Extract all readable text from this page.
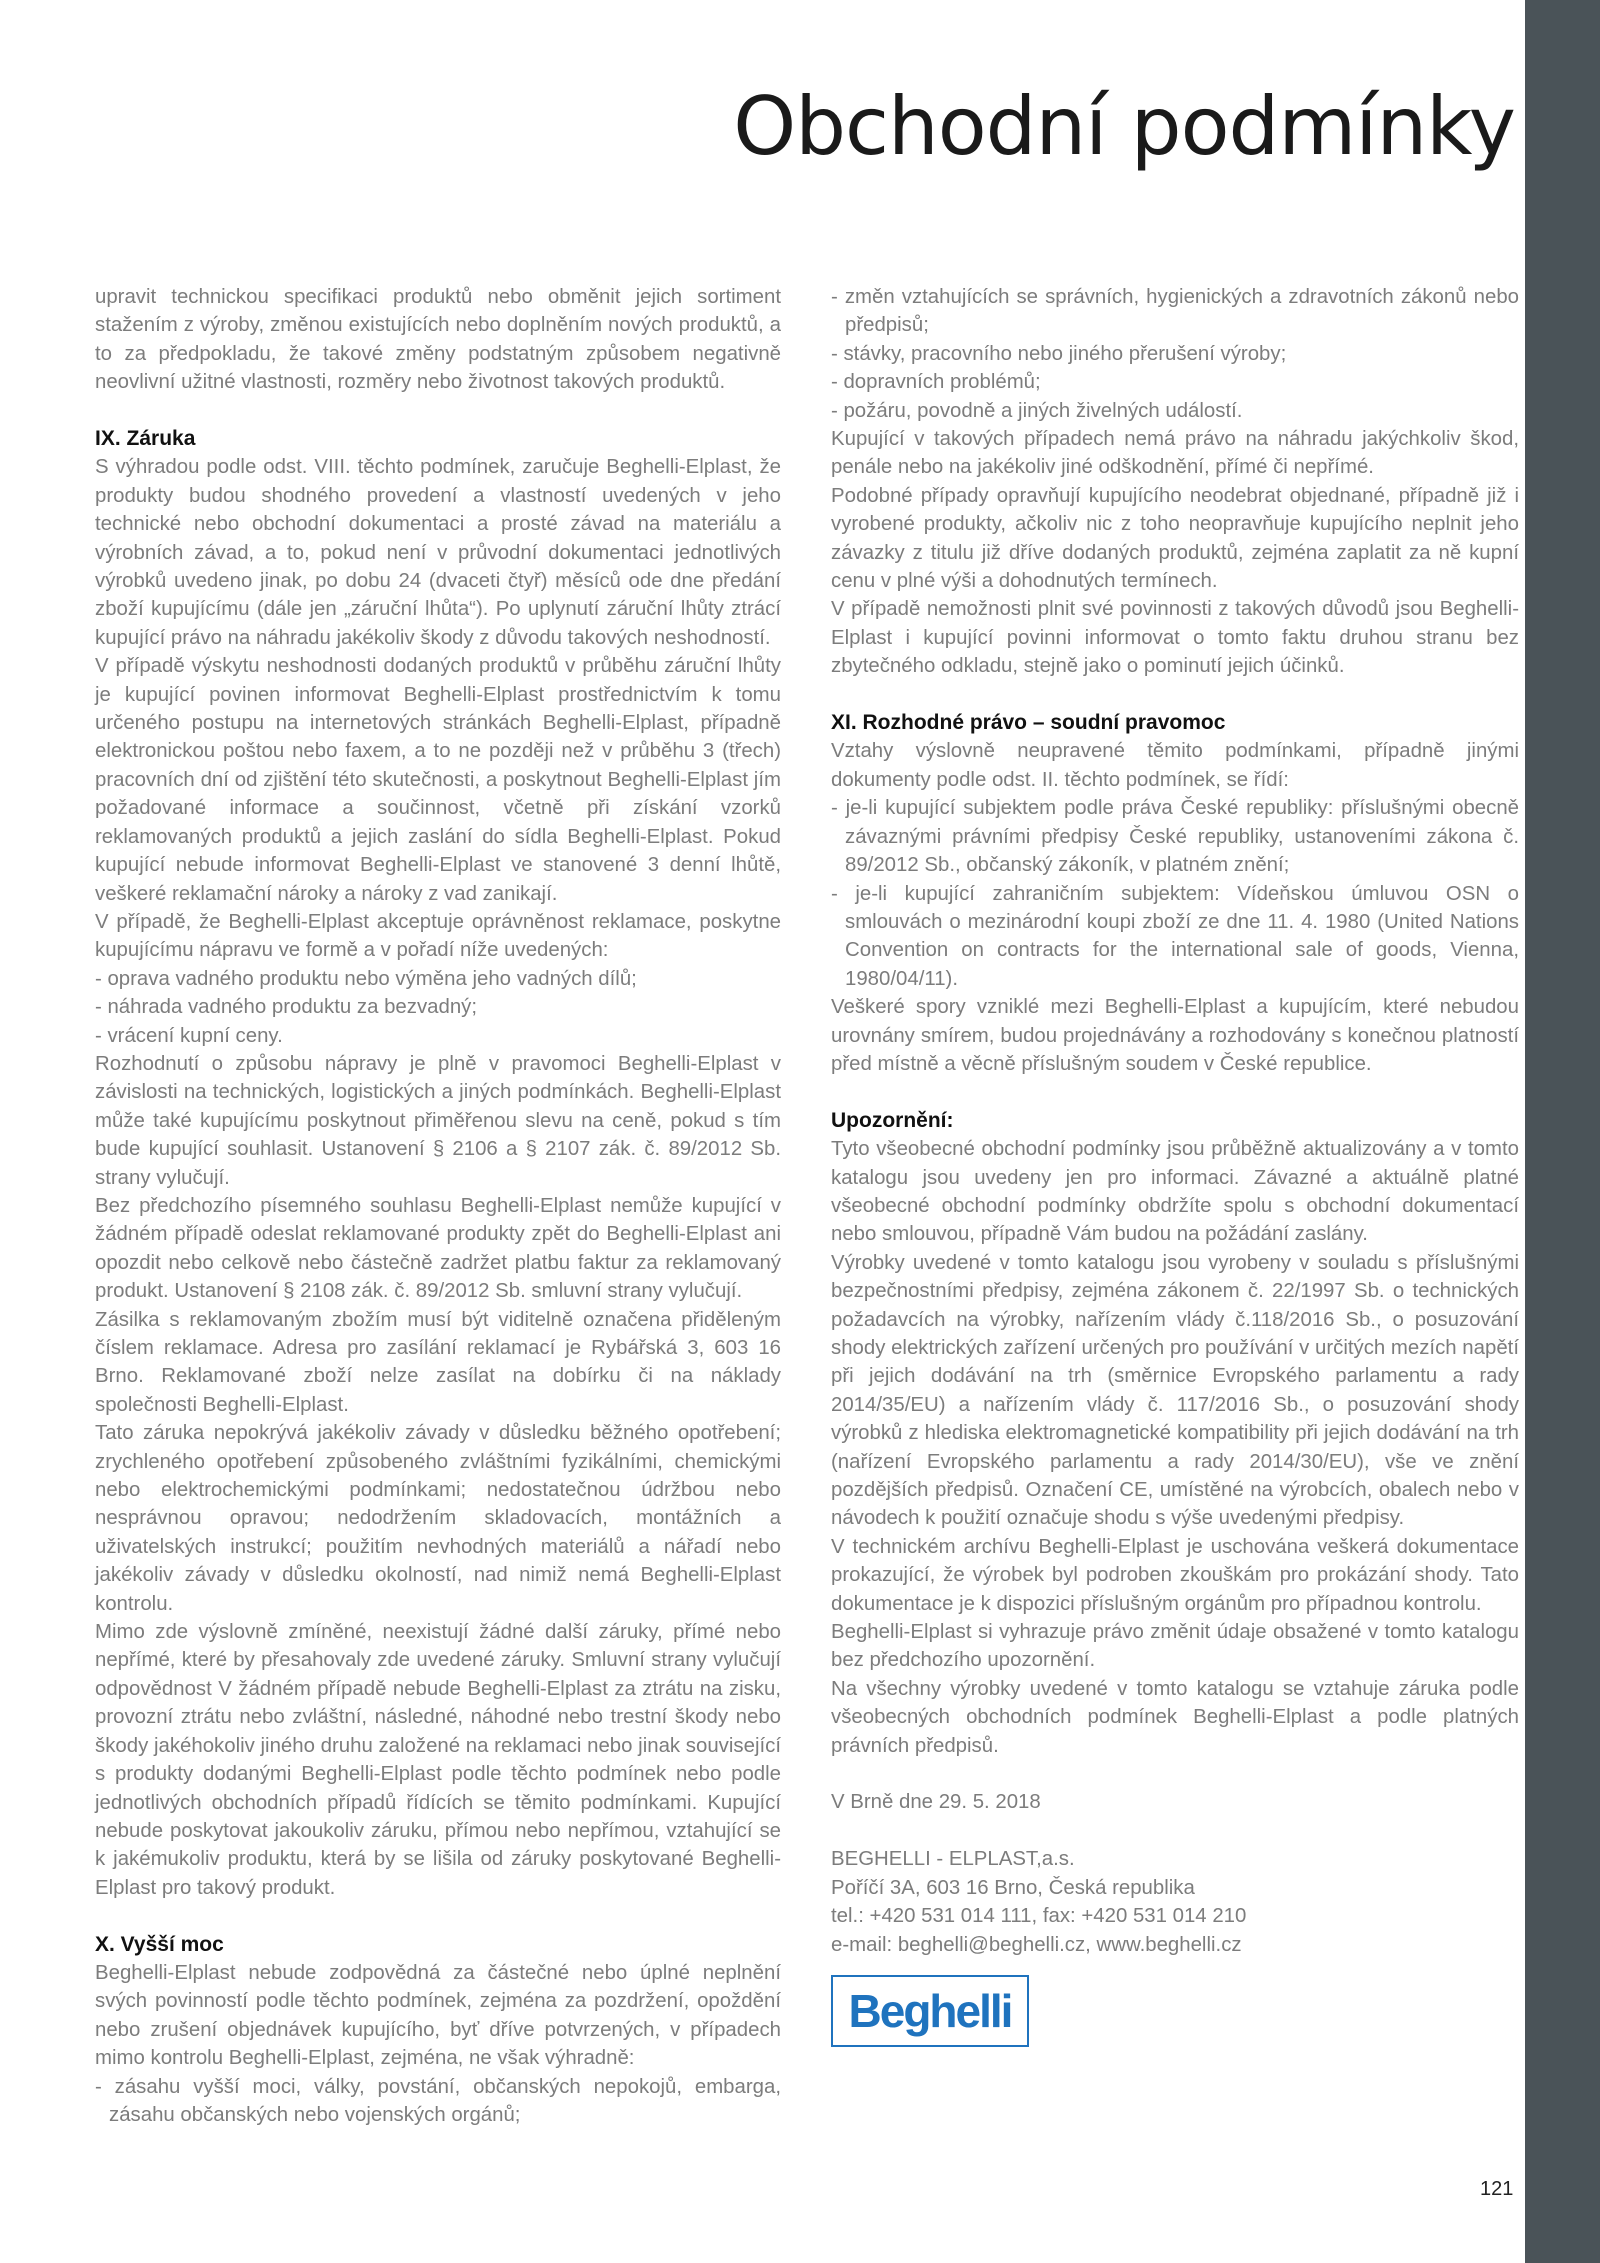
Obchodní podmínky

upravit technickou specifikaci produktů nebo obměnit jejich sortiment stažením z výroby, změnou existujících nebo doplněním nových produktů, a to za předpokladu, že takové změny podstatným způsobem negativně neovlivní užitné vlastnosti, rozměry nebo životnost takových produktů.

IX. Záruka

S výhradou podle odst. VIII. těchto podmínek, zaručuje Beghelli-Elplast, že produkty budou shodného provedení a vlastností uvedených v jeho technické nebo obchodní dokumentaci a prosté závad na materiálu a výrobních závad, a to, pokud není v průvodní dokumentaci jednotlivých výrobků uvedeno jinak, po dobu 24 (dvaceti čtyř) měsíců ode dne předání zboží kupujícímu (dále jen „záruční lhůta“). Po uplynutí záruční lhůty ztrácí kupující právo na náhradu jakékoliv škody z důvodu takových neshodností.

V případě výskytu neshodnosti dodaných produktů v průběhu záruční lhůty je kupující povinen informovat Beghelli-Elplast prostřednictvím k tomu určeného postupu na internetových stránkách Beghelli-Elplast, případně elektronickou poštou nebo faxem, a to ne později než v průběhu 3 (třech) pracovních dní od zjištění této skutečnosti, a poskytnout Beghelli-Elplast jím požadované informace a součinnost, včetně při získání vzorků reklamovaných produktů a jejich zaslání do sídla Beghelli-Elplast. Pokud kupující nebude informovat Beghelli-Elplast ve stanovené 3 denní lhůtě, veškeré reklamační nároky a nároky z vad zanikají.

V případě, že Beghelli-Elplast akceptuje oprávněnost reklamace, poskytne kupujícímu nápravu ve formě a v pořadí níže uvedených:

- oprava vadného produktu nebo výměna jeho vadných dílů;

- náhrada vadného produktu za bezvadný;

- vrácení kupní ceny.

Rozhodnutí o způsobu nápravy je plně v pravomoci Beghelli-Elplast v závislosti na technických, logistických a jiných podmínkách. Beghelli-Elplast může také kupujícímu poskytnout přiměřenou slevu na ceně, pokud s tím bude kupující souhlasit. Ustanovení § 2106 a § 2107 zák. č. 89/2012 Sb. strany vylučují.

Bez předchozího písemného souhlasu Beghelli-Elplast nemůže kupující v žádném případě odeslat reklamované produkty zpět do Beghelli-Elplast ani opozdit nebo celkově nebo částečně zadržet platbu faktur za reklamovaný produkt. Ustanovení § 2108 zák. č. 89/2012 Sb. smluvní strany vylučují.

Zásilka s reklamovaným zbožím musí být viditelně označena přiděleným číslem reklamace. Adresa pro zasílání reklamací je Rybářská 3, 603 16 Brno. Reklamované zboží nelze zasílat na dobírku či na náklady společnosti Beghelli-Elplast.

Tato záruka nepokrývá jakékoliv závady v důsledku běžného opotřebení; zrychleného opotřebení způsobeného zvláštními fyzikálními, chemickými nebo elektrochemickými podmínkami; nedostatečnou údržbou nebo nesprávnou opravou; nedodržením skladovacích, montážních a uživatelských instrukcí; použitím nevhodných materiálů a nářadí nebo jakékoliv závady v důsledku okolností, nad nimiž nemá Beghelli-Elplast kontrolu.

Mimo zde výslovně zmíněné, neexistují žádné další záruky, přímé nebo nepřímé, které by přesahovaly zde uvedené záruky. Smluvní strany vylučují odpovědnost V žádném případě nebude Beghelli-Elplast za ztrátu na zisku, provozní ztrátu nebo zvláštní, následné, náhodné nebo trestní škody nebo škody jakéhokoliv jiného druhu založené na reklamaci nebo jinak související s produkty dodanými Beghelli-Elplast podle těchto podmínek nebo podle jednotlivých obchodních případů řídících se těmito podmínkami. Kupující nebude poskytovat jakoukoliv záruku, přímou nebo nepřímou, vztahující se k jakémukoliv produktu, která by se lišila od záruky poskytované Beghelli-Elplast pro takový produkt.

X. Vyšší moc

Beghelli-Elplast nebude zodpovědná za částečné nebo úplné neplnění svých povinností podle těchto podmínek, zejména za pozdržení, opoždění nebo zrušení objednávek kupujícího, byť dříve potvrzených, v případech mimo kontrolu Beghelli-Elplast, zejména, ne však výhradně:

- zásahu vyšší moci, války, povstání, občanských nepokojů, embarga, zásahu občanských nebo vojenských orgánů;

- změn vztahujících se správních, hygienických a zdravotních zákonů nebo předpisů;

- stávky, pracovního nebo jiného přerušení výroby;

- dopravních problémů;

- požáru, povodně a jiných živelných událostí.

Kupující v takových případech nemá právo na náhradu jakýchkoliv škod, penále nebo na jakékoliv jiné odškodnění, přímé či nepřímé.

Podobné případy opravňují kupujícího neodebrat objednané, případně již i vyrobené produkty, ačkoliv nic z toho neopravňuje kupujícího neplnit jeho závazky z titulu již dříve dodaných produktů, zejména zaplatit za ně kupní cenu v plné výši a dohodnutých termínech.

V případě nemožnosti plnit své povinnosti z takových důvodů jsou Beghelli-Elplast i kupující povinni informovat o tomto faktu druhou stranu bez zbytečného odkladu, stejně jako o pominutí jejich účinků.

XI. Rozhodné právo – soudní pravomoc

Vztahy výslovně neupravené těmito podmínkami, případně jinými dokumenty podle odst. II. těchto podmínek, se řídí:

- je-li kupující subjektem podle práva České republiky: příslušnými obecně závaznými právními předpisy České republiky, ustanoveními zákona č. 89/2012 Sb., občanský zákoník, v platném znění;

- je-li kupující zahraničním subjektem: Vídeňskou úmluvou OSN o smlouvách o mezinárodní koupi zboží ze dne 11. 4. 1980 (United Nations Convention on contracts for the international sale of goods, Vienna, 1980/04/11).

Veškeré spory vzniklé mezi Beghelli-Elplast a kupujícím, které nebudou urovnány smírem, budou projednávány a rozhodovány s konečnou platností před místně a věcně příslušným soudem v České republice.

Upozornění:

Tyto všeobecné obchodní podmínky jsou průběžně aktualizovány a v tomto katalogu jsou uvedeny jen pro informaci. Závazné a aktuálně platné všeobecné obchodní podmínky obdržíte spolu s obchodní dokumentací nebo smlouvou, případně Vám budou na požádání zaslány.

Výrobky uvedené v tomto katalogu jsou vyrobeny v souladu s příslušnými bezpečnostními předpisy, zejména zákonem č. 22/1997 Sb. o technických požadavcích na výrobky, nařízením vlády č.118/2016 Sb., o posuzování shody elektrických zařízení určených pro používání v určitých mezích napětí při jejich dodávání na trh (směrnice Evropského parlamentu a rady 2014/35/EU) a nařízením vlády č. 117/2016 Sb., o posuzování shody výrobků z hlediska elektromagnetické kompatibility při jejich dodávání na trh (nařízení Evropského parlamentu a rady 2014/30/EU), vše ve znění pozdějších předpisů. Označení CE, umístěné na výrobcích, obalech nebo v návodech k použití označuje shodu s výše uvedenými předpisy.

V technickém archívu Beghelli-Elplast je uschována veškerá dokumentace prokazující, že výrobek byl podroben zkouškám pro prokázání shody. Tato dokumentace je k dispozici příslušným orgánům pro případnou kontrolu.

Beghelli-Elplast si vyhrazuje právo změnit údaje obsažené v tomto katalogu bez předchozího upozornění.

Na všechny výrobky uvedené v tomto katalogu se vztahuje záruka podle všeobecných obchodních podmínek Beghelli-Elplast a podle platných právních předpisů.

V Brně dne 29. 5. 2018

BEGHELLI - ELPLAST,a.s.

Poříčí 3A, 603 16 Brno, Česká republika

tel.: +420 531 014 111, fax: +420 531 014 210

e-mail: beghelli@beghelli.cz, www.beghelli.cz

Beghelli
121
